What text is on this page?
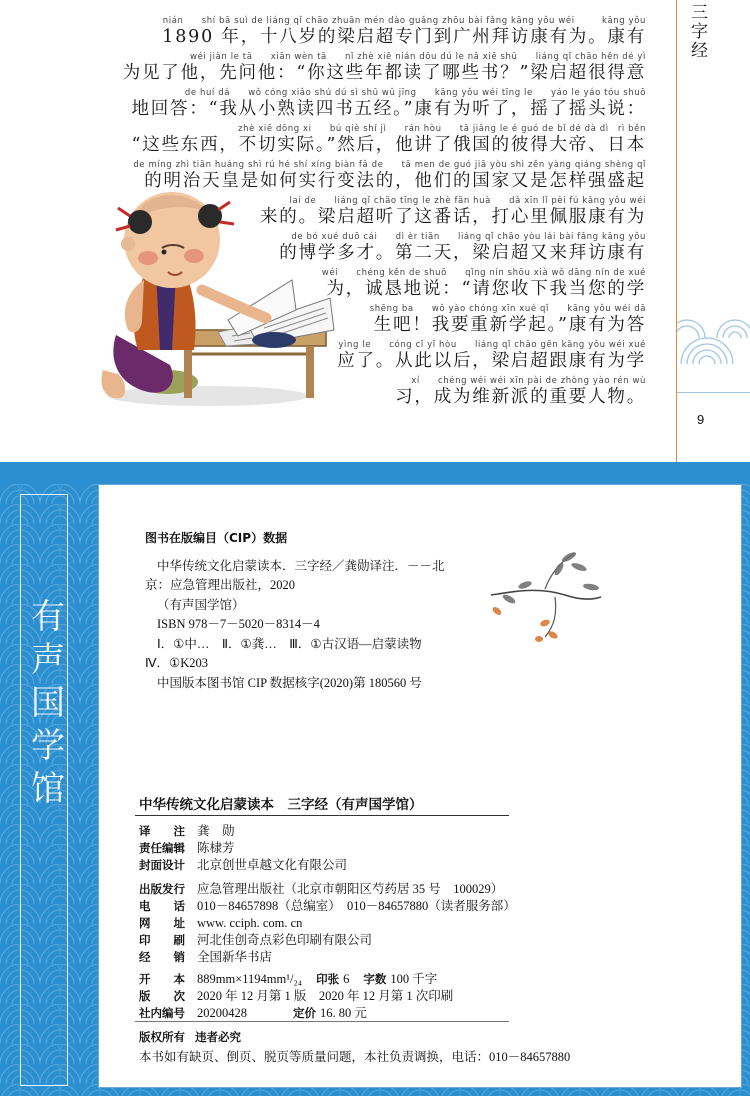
nián　　shí bā suì de liáng qǐ chāo zhuān mén dào guǎng zhōu bài fǎng kāng yǒu wéi　　　kāng yǒu
1890 年，十八岁的梁启超专门到广州拜访康有为。康有
wéi jiàn le tā　　xiān wèn tā　　nǐ zhè xiē nián dōu dú le nǎ xiē shū　　liáng qǐ chāo hěn dé yì
为见了他，先问他：“你这些年都读了哪些书？”梁启超很得意
de huí dá　　wǒ cóng xiǎo shú dú sì shū wǔ jīng　　kāng yǒu wéi tīng le　　yáo le yáo tóu shuō
地回答：“我从小熟读四书五经。”康有为听了，摇了摇头说：
zhè xiē dōng xi　　bú qiè shí jì　　rán hòu　　tā jiǎng le é guó de bǐ dé dà dì　rì běn
“这些东西，不切实际。”然后，他讲了俄国的彼得大帝、日本
de míng zhì tiān huáng shì rú hé shí xíng biàn fǎ de　　tā men de guó jiā yòu shì zěn yàng qiáng shèng qǐ
的明治天皇是如何实行变法的，他们的国家又是怎样强盛起
lai de　　liáng qǐ chāo tīng le zhè fān huà　　dǎ xīn lǐ pèi fú kāng yǒu wéi
来的。梁启超听了这番话，打心里佩服康有为
de bó xué duō cái　　dì èr tiān　　liáng qǐ chāo yòu lái bài fǎng kāng yǒu
的博学多才。第二天，梁启超又来拜访康有
wéi　　chéng kěn de shuō　　qǐng nín shōu xià wǒ dāng nín de xué
为，诚恳地说：“请您收下我当您的学
shēng ba　　wǒ yào chóng xīn xué qǐ　　kāng yǒu wéi dā
生吧！我要重新学起。”康有为答
yìng le　　cóng cǐ yǐ hòu　　liáng qǐ chāo gēn kāng yǒu wéi xué
应了。从此以后，梁启超跟康有为学
xí　　chéng wéi wéi xīn pài de zhòng yào rén wù
习，成为维新派的重要人物。
三字经
9
有声国学馆
图书在版编目（CIP）数据
中华传统文化启蒙读本．三字经／龚勋译注．－－北
京：应急管理出版社，2020
（有声国学馆）
ISBN 978－7－5020－8314－4
Ⅰ．①中…　Ⅱ．①龚…　Ⅲ．①古汉语—启蒙读物
Ⅳ．①K203
中国版本图书馆 CIP 数据核字(2020)第 180560 号
中华传统文化启蒙读本　三字经（有声国学馆）
译　　注 龚　勋
责任编辑 陈棣芳
封面设计 北京创世卓越文化有限公司
出版发行 应急管理出版社（北京市朝阳区芍药居 35 号　100029）
电　　话 010－84657898（总编室）　010－84657880（读者服务部）
网　　址 www. cciph. com. cn
印　　刷 河北佳创奇点彩色印刷有限公司
经　　销 全国新华书店
开　　本 889mm×1194mm¹/₂₄ 印张 6 字数 100 千字
版　　次 2020 年 12 月第 1 版　2020 年 12 月第 1 次印刷
社内编号 20200428	定价 16. 80 元
版权所有 违者必究
本书如有缺页、倒页、脱页等质量问题，本社负责调换，电话：010－84657880
